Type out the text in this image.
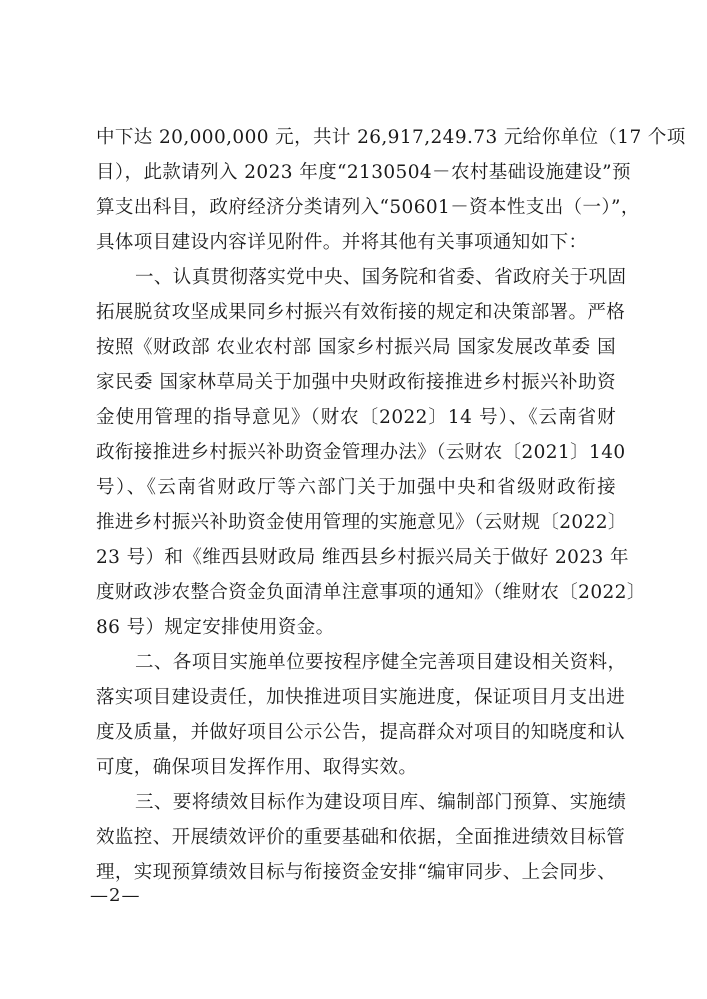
中下达 20,000,000 元，共计 26,917,249.73 元给你单位（17 个项
目），此款请列入 2023 年度“2130504－农村基础设施建设”预
算支出科目，政府经济分类请列入“50601－资本性支出（一）”，
具体项目建设内容详见附件。并将其他有关事项通知如下：
一、认真贯彻落实党中央、国务院和省委、省政府关于巩固
拓展脱贫攻坚成果同乡村振兴有效衔接的规定和决策部署。严格
按照《财政部 农业农村部 国家乡村振兴局 国家发展改革委 国
家民委 国家林草局关于加强中央财政衔接推进乡村振兴补助资
金使用管理的指导意见》（财农〔2022〕14 号）、《云南省财
政衔接推进乡村振兴补助资金管理办法》（云财农〔2021〕140
号）、《云南省财政厅等六部门关于加强中央和省级财政衔接
推进乡村振兴补助资金使用管理的实施意见》（云财规〔2022〕
23 号）和《维西县财政局 维西县乡村振兴局关于做好 2023 年
度财政涉农整合资金负面清单注意事项的通知》（维财农〔2022〕
86 号）规定安排使用资金。
二、各项目实施单位要按程序健全完善项目建设相关资料，
落实项目建设责任，加快推进项目实施进度，保证项目月支出进
度及质量，并做好项目公示公告，提高群众对项目的知晓度和认
可度，确保项目发挥作用、取得实效。
三、要将绩效目标作为建设项目库、编制部门预算、实施绩
效监控、开展绩效评价的重要基础和依据，全面推进绩效目标管
理，实现预算绩效目标与衔接资金安排“编审同步、上会同步、
—2—
